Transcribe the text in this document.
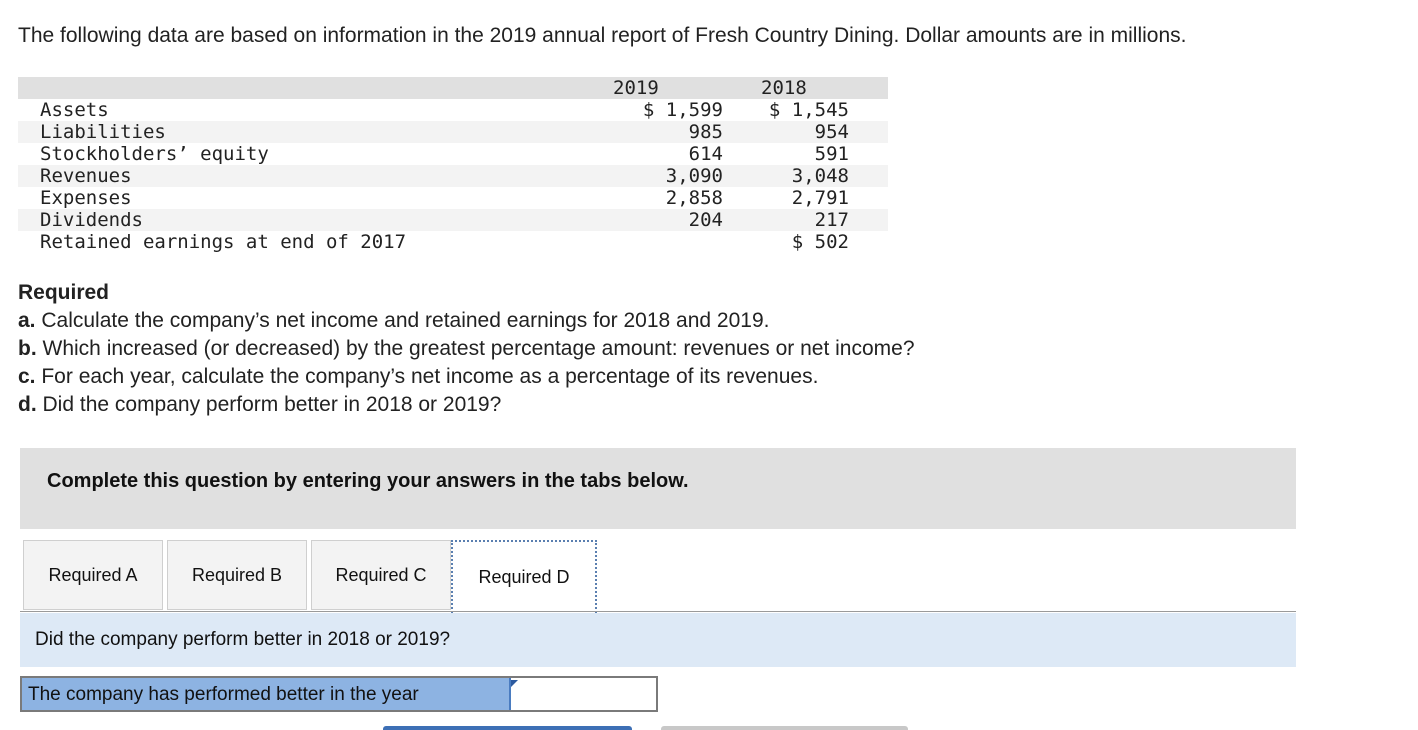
The following data are based on information in the 2019 annual report of Fresh Country Dining. Dollar amounts are in millions.
	2019	2018
Assets	$ 1,599	$ 1,545
Liabilities	985	954
Stockholders’ equity	614	591
Revenues	3,090	3,048
Expenses	2,858	2,791
Dividends	204	217
Retained earnings at end of 2017		$ 502
Required
a. Calculate the company’s net income and retained earnings for 2018 and 2019.
b. Which increased (or decreased) by the greatest percentage amount: revenues or net income?
c. For each year, calculate the company’s net income as a percentage of its revenues.
d. Did the company perform better in 2018 or 2019?
Complete this question by entering your answers in the tabs below.
Required A	Required B	Required C	Required D
Did the company perform better in 2018 or 2019?
The company has performed better in the year
